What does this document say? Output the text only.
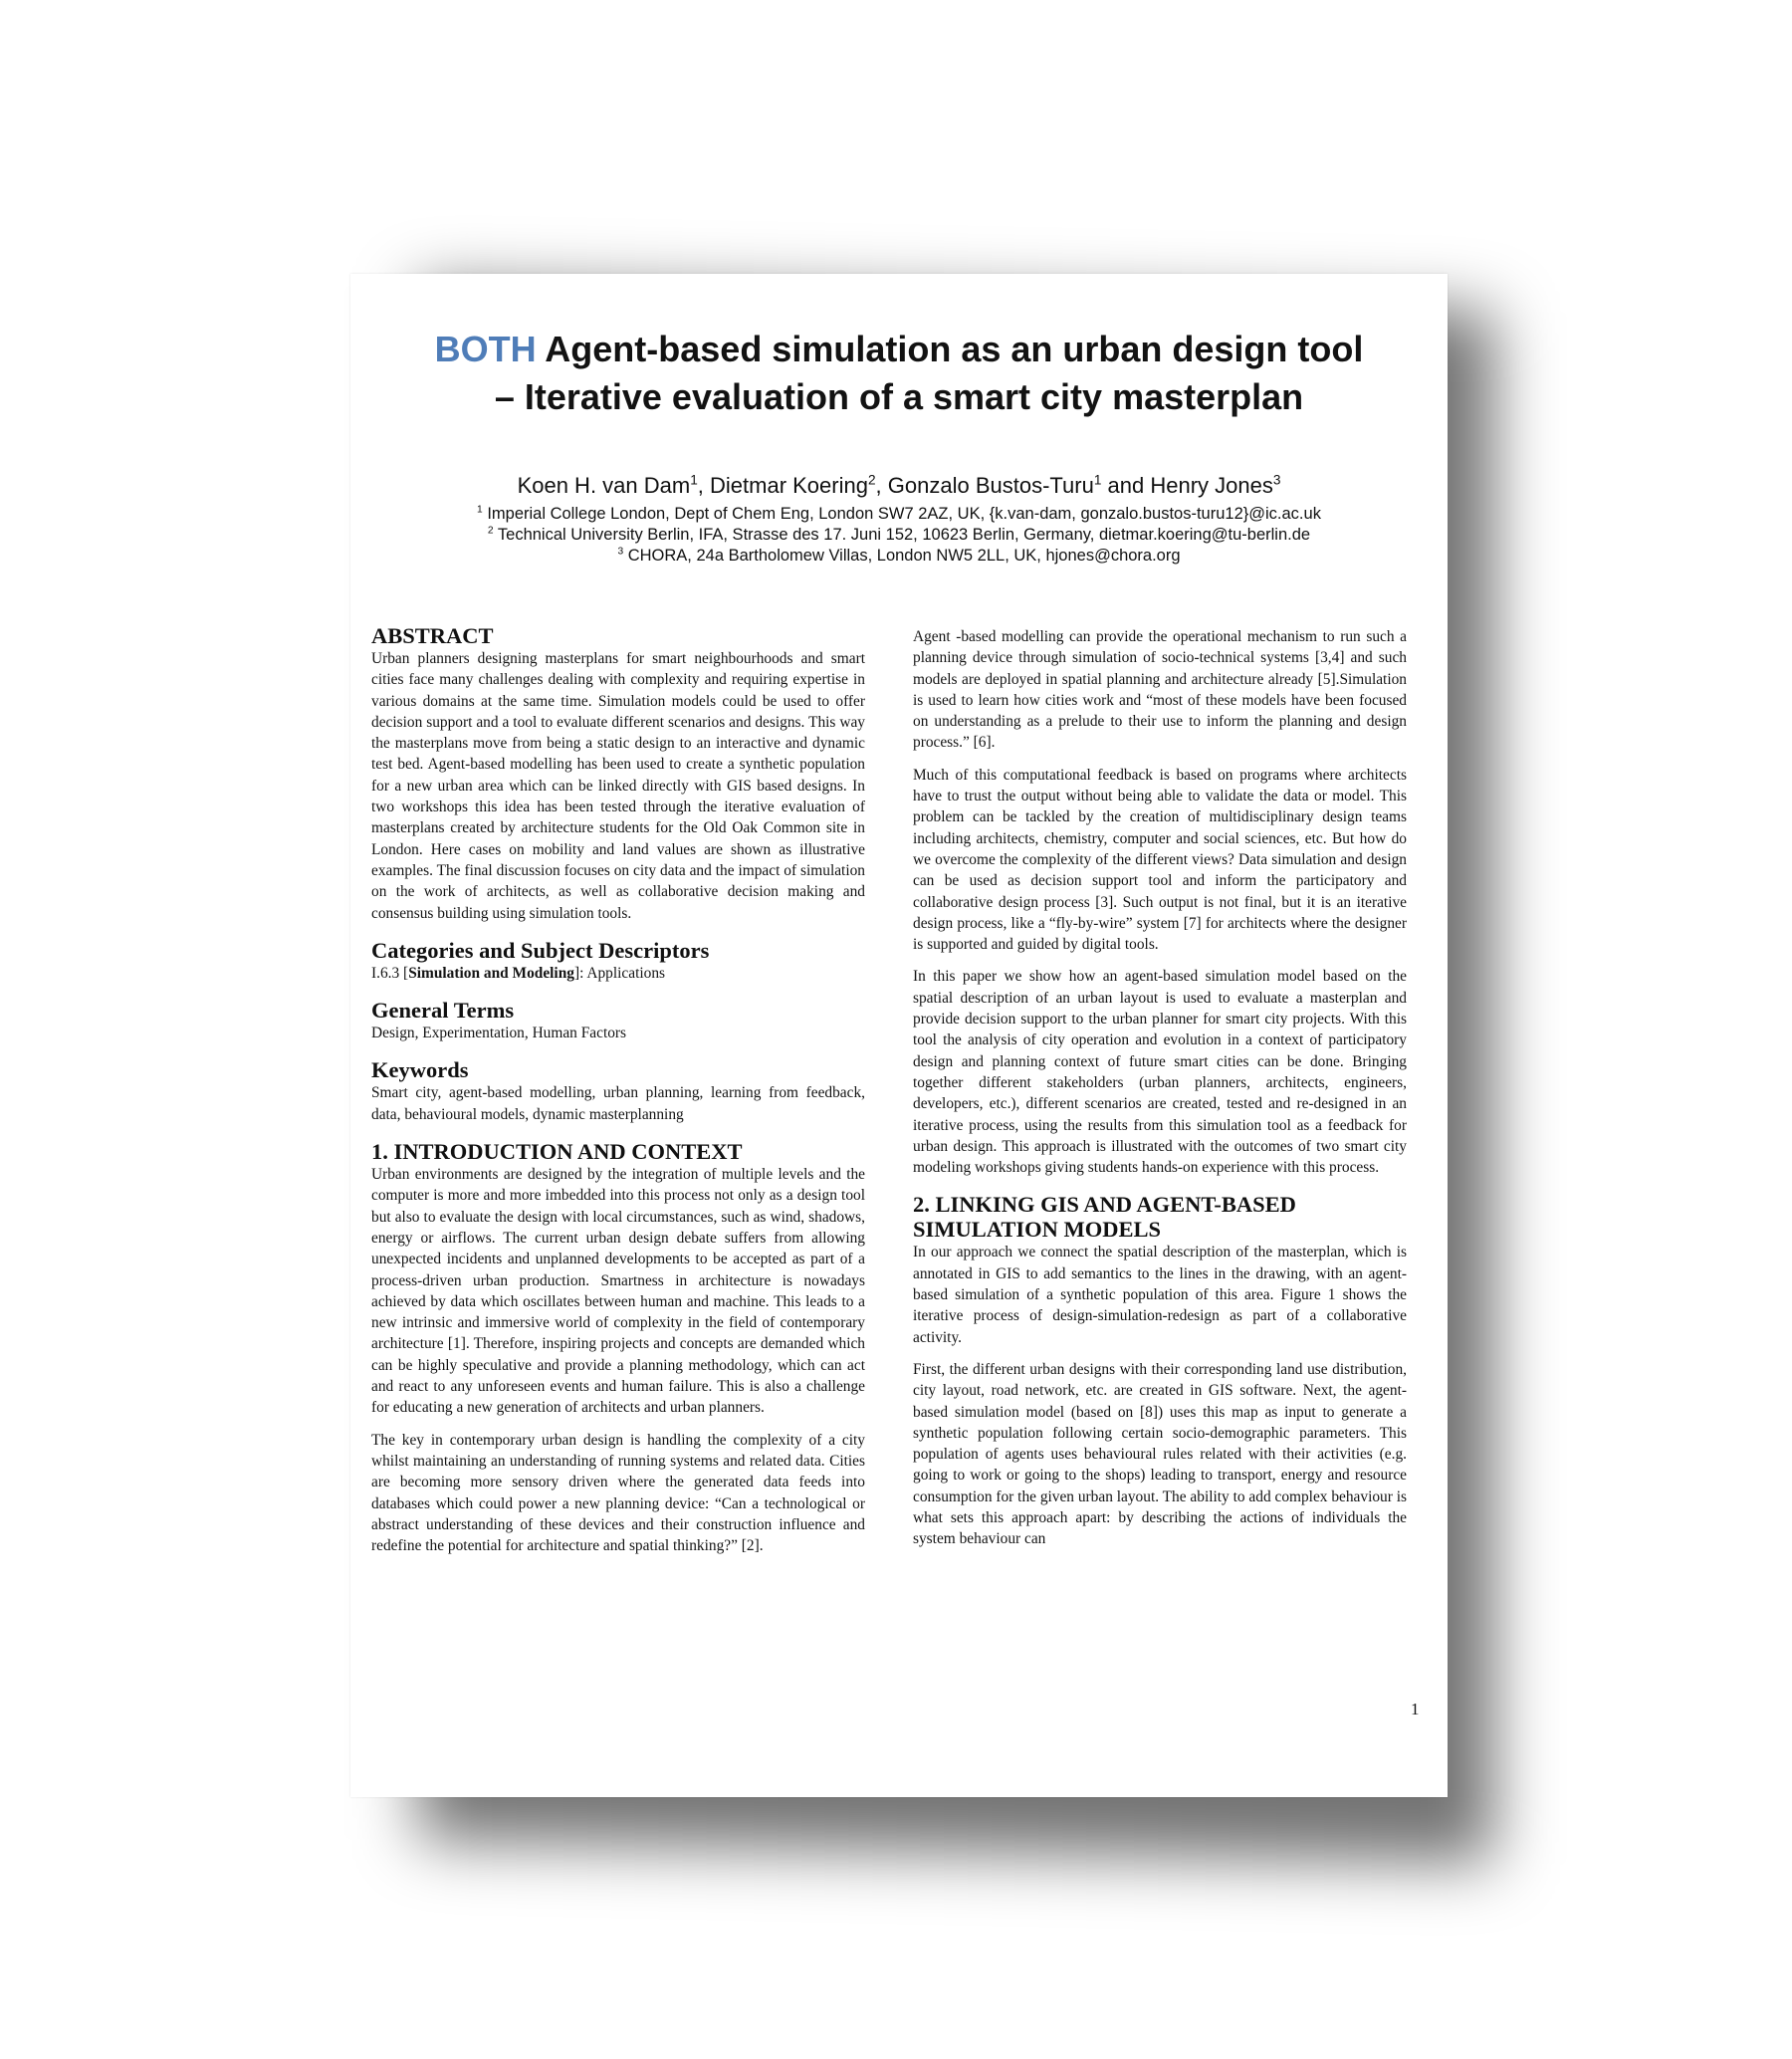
BOTH Agent-based simulation as an urban design tool
– Iterative evaluation of a smart city masterplan
Koen H. van Dam$^1$, Dietmar Koering$^2$, Gonzalo Bustos-Turu$^1$ and Henry Jones$^3$
$^1$ Imperial College London, Dept of Chem Eng, London SW7 2AZ, UK, {k.van-dam, gonzalo.bustos-turu12}@ic.ac.uk
$^2$ Technical University Berlin, IFA, Strasse des 17. Juni 152, 10623 Berlin, Germany, dietmar.koering@tu-berlin.de
$^3$ CHORA, 24a Bartholomew Villas, London NW5 2LL, UK, hjones@chora.org
ABSTRACT

Urban planners designing masterplans for smart neighbourhoods and smart cities face many challenges dealing with complexity and requiring expertise in various domains at the same time. Simulation models could be used to offer decision support and a tool to evaluate different scenarios and designs. This way the masterplans move from being a static design to an interactive and dynamic test bed. Agent-based modelling has been used to create a synthetic population for a new urban area which can be linked directly with GIS based designs. In two workshops this idea has been tested through the iterative evaluation of masterplans created by architecture students for the Old Oak Common site in London. Here cases on mobility and land values are shown as illustrative examples. The final discussion focuses on city data and the impact of simulation on the work of architects, as well as collaborative decision making and consensus building using simulation tools.

Categories and Subject Descriptors

I.6.3 [Simulation and Modeling]: Applications

General Terms

Design, Experimentation, Human Factors

Keywords

Smart city, agent-based modelling, urban planning, learning from feedback, data, behavioural models, dynamic masterplanning

1. INTRODUCTION AND CONTEXT

Urban environments are designed by the integration of multiple levels and the computer is more and more imbedded into this process not only as a design tool but also to evaluate the design with local circumstances, such as wind, shadows, energy or airflows. The current urban design debate suffers from allowing unexpected incidents and unplanned developments to be accepted as part of a process-driven urban production. Smartness in architecture is nowadays achieved by data which oscillates between human and machine. This leads to a new intrinsic and immersive world of complexity in the field of contemporary architecture [1]. Therefore, inspiring projects and concepts are demanded which can be highly speculative and provide a planning methodology, which can act and react to any unforeseen events and human failure. This is also a challenge for educating a new generation of architects and urban planners.

The key in contemporary urban design is handling the complexity of a city whilst maintaining an understanding of running systems and related data. Cities are becoming more sensory driven where the generated data feeds into databases which could power a new planning device: “Can a technological or abstract understanding of these devices and their construction influence and redefine the potential for architecture and spatial thinking?” [2].

Agent -based modelling can provide the operational mechanism to run such a planning device through simulation of socio-technical systems [3,4] and such models are deployed in spatial planning and architecture already [5].Simulation is used to learn how cities work and “most of these models have been focused on understanding as a prelude to their use to inform the planning and design process.” [6].

Much of this computational feedback is based on programs where architects have to trust the output without being able to validate the data or model. This problem can be tackled by the creation of multidisciplinary design teams including architects, chemistry, computer and social sciences, etc. But how do we overcome the complexity of the different views? Data simulation and design can be used as decision support tool and inform the participatory and collaborative design process [3]. Such output is not final, but it is an iterative design process, like a “fly-by-wire” system [7] for architects where the designer is supported and guided by digital tools.

In this paper we show how an agent-based simulation model based on the spatial description of an urban layout is used to evaluate a masterplan and provide decision support to the urban planner for smart city projects. With this tool the analysis of city operation and evolution in a context of participatory design and planning context of future smart cities can be done. Bringing together different stakeholders (urban planners, architects, engineers, developers, etc.), different scenarios are created, tested and re-designed in an iterative process, using the results from this simulation tool as a feedback for urban design. This approach is illustrated with the outcomes of two smart city modeling workshops giving students hands-on experience with this process.

2. LINKING GIS AND AGENT-BASED
SIMULATION MODELS

In our approach we connect the spatial description of the masterplan, which is annotated in GIS to add semantics to the lines in the drawing, with an agent-based simulation of a synthetic population of this area. Figure 1 shows the iterative process of design-simulation-redesign as part of a collaborative activity.

First, the different urban designs with their corresponding land use distribution, city layout, road network, etc. are created in GIS software. Next, the agent-based simulation model (based on [8]) uses this map as input to generate a synthetic population following certain socio-demographic parameters. This population of agents uses behavioural rules related with their activities (e.g. going to work or going to the shops) leading to transport, energy and resource consumption for the given urban layout. The ability to add complex behaviour is what sets this approach apart: by describing the actions of individuals the system behaviour can

1
